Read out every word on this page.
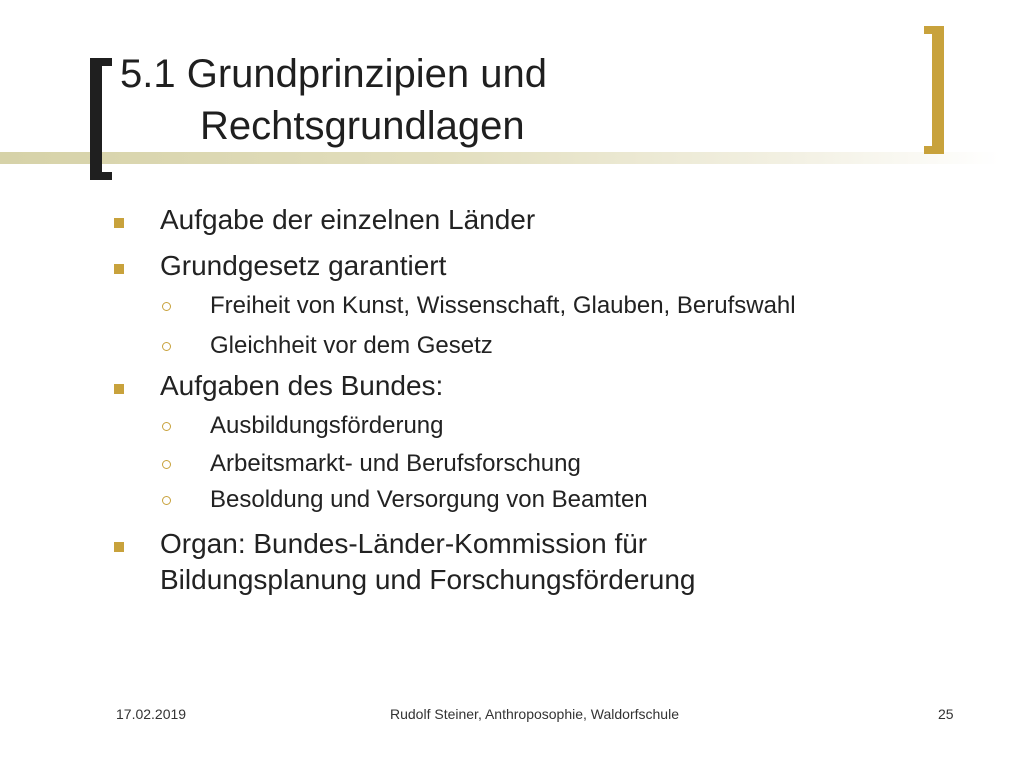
5.1 Grundprinzipien und
Rechtsgrundlagen
Aufgabe der einzelnen Länder
Grundgesetz garantiert
Freiheit von Kunst, Wissenschaft, Glauben, Berufswahl
Gleichheit vor dem Gesetz
Aufgaben des Bundes:
Ausbildungsförderung
Arbeitsmarkt- und Berufsforschung
Besoldung und Versorgung von Beamten
Organ: Bundes-Länder-Kommission für
Bildungsplanung und Forschungsförderung
17.02.2019	Rudolf Steiner, Anthroposophie, Waldorfschule	25
